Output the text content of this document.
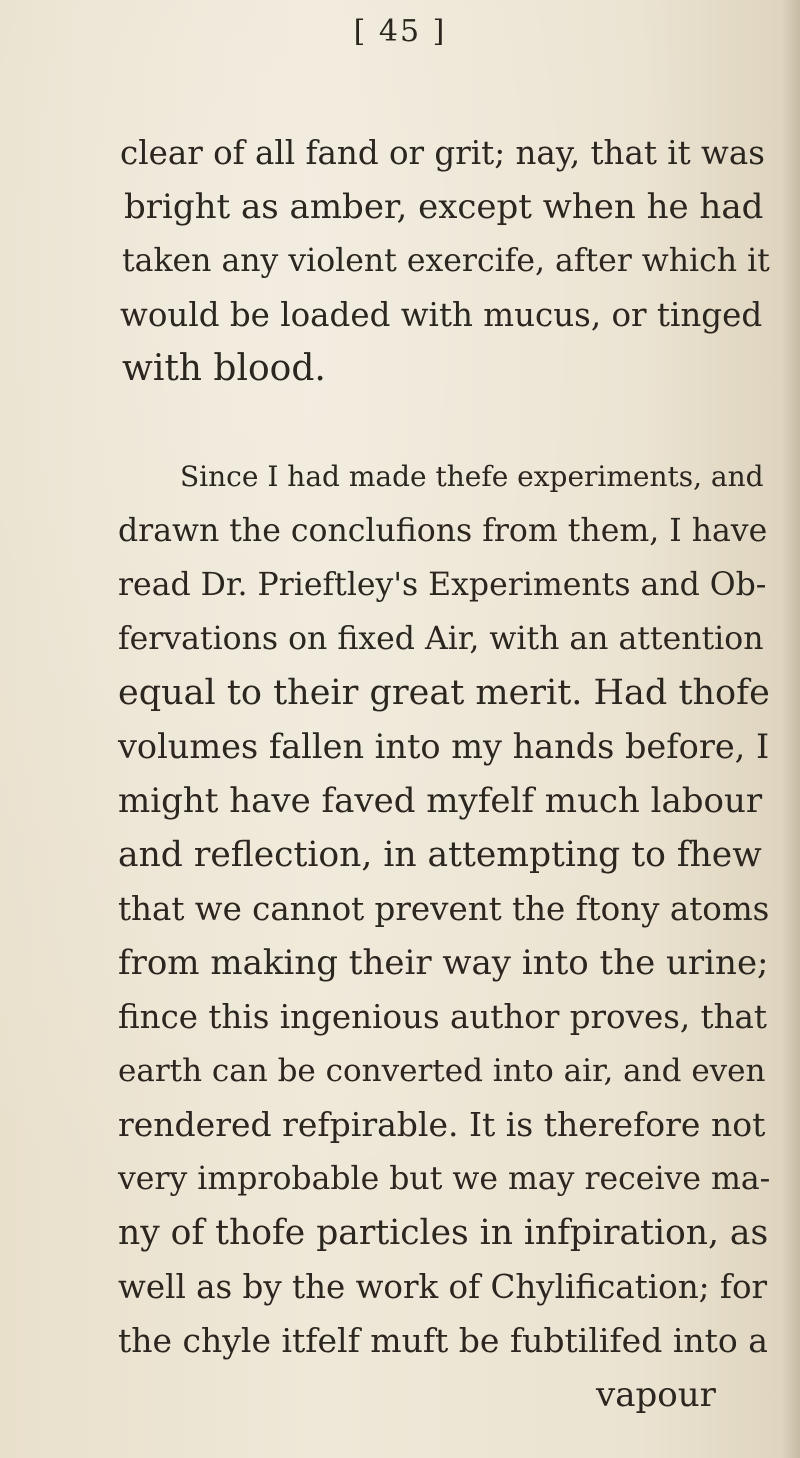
[ 45 ]
clear of all fand or grit; nay, that it was
bright as amber, except when he had
taken any violent exercife, after which it
would be loaded with mucus, or tinged
with blood.
Since I had made thefe experiments, and
drawn the conclufions from them, I have
read Dr. Prieftley's Experiments and Ob-
fervations on fixed Air, with an attention
equal to their great merit. Had thofe
volumes fallen into my hands before, I
might have faved myfelf much labour
and reflection, in attempting to fhew
that we cannot prevent the ftony atoms
from making their way into the urine;
fince this ingenious author proves, that
earth can be converted into air, and even
rendered refpirable. It is therefore not
very improbable but we may receive ma-
ny of thofe particles in infpiration, as
well as by the work of Chylification; for
the chyle itfelf muft be fubtilifed into a
vapour
